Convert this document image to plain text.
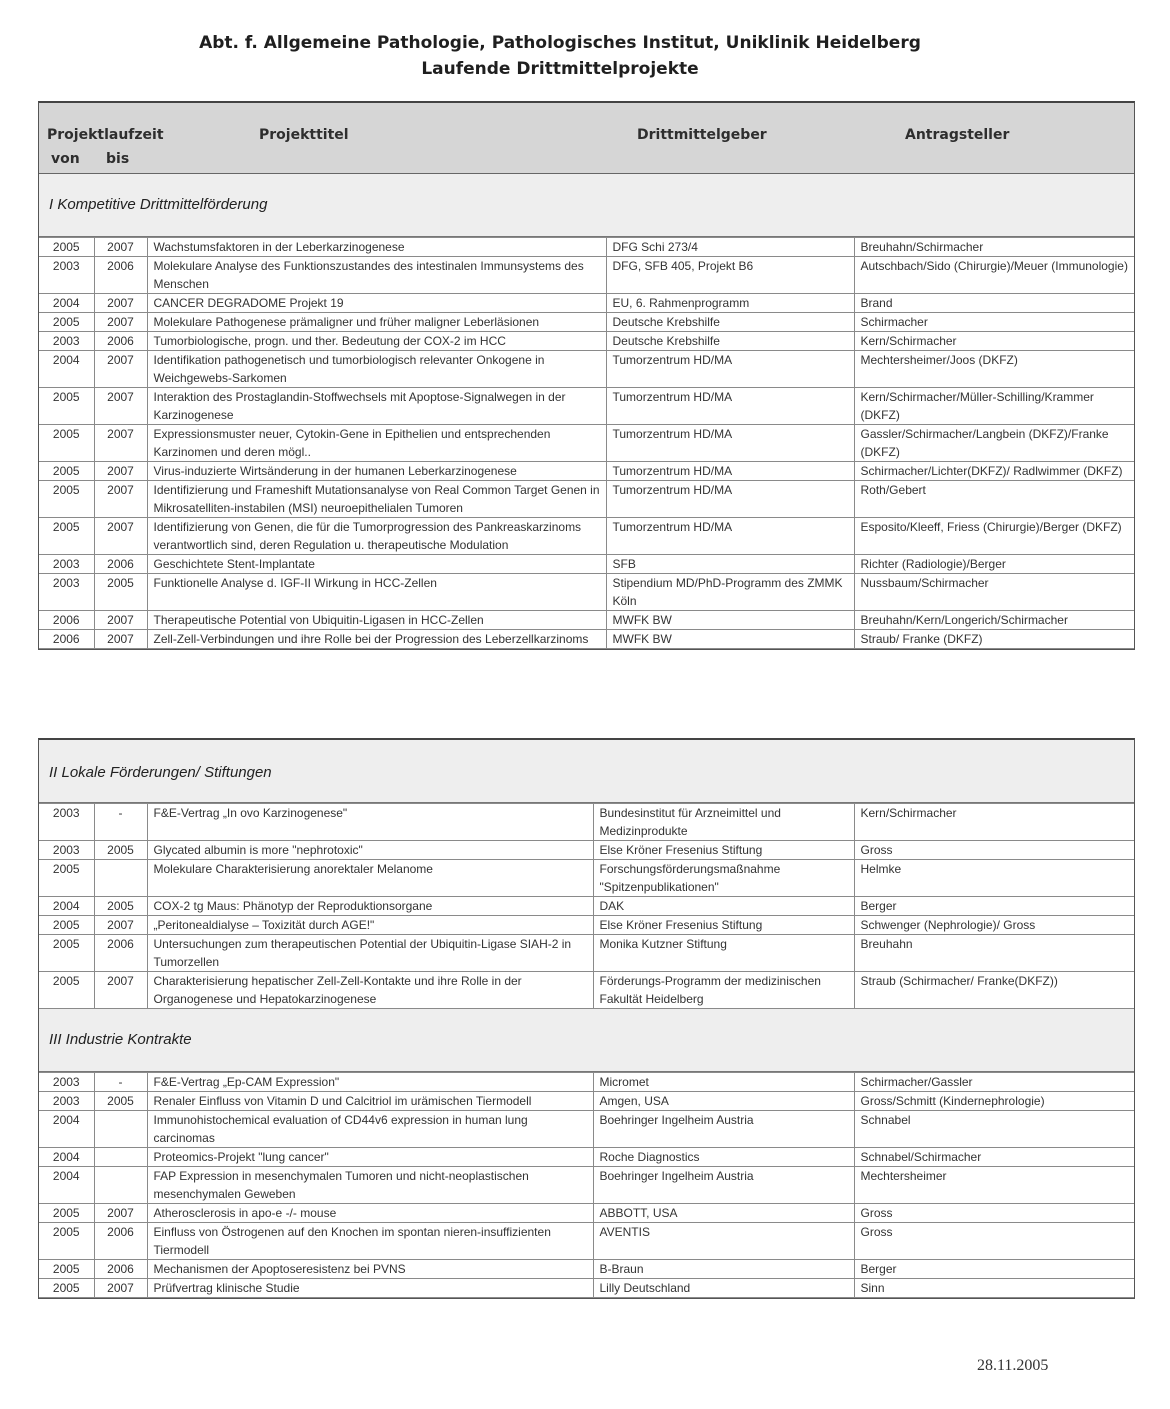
Abt. f. Allgemeine Pathologie, Pathologisches Institut, Uniklinik Heidelberg
Laufende Drittmittelprojekte
Projektlaufzeit
von bis
Projekttitel	Drittmittelgeber	Antragsteller
I Kompetitive Drittmittelförderung
2005	2007	Wachstumsfaktoren in der Leberkarzinogenese	DFG Schi 273/4	Breuhahn/Schirmacher
2003	2006	Molekulare Analyse des Funktionszustandes des intestinalen Immunsystems des Menschen	DFG, SFB 405, Projekt B6	Autschbach/Sido (Chirurgie)/Meuer (Immunologie)
2004	2007	CANCER DEGRADOME Projekt 19	EU, 6. Rahmenprogramm	Brand
2005	2007	Molekulare Pathogenese prämaligner und früher maligner Leberläsionen	Deutsche Krebshilfe	Schirmacher
2003	2006	Tumorbiologische, progn. und ther. Bedeutung der COX-2 im HCC	Deutsche Krebshilfe	Kern/Schirmacher
2004	2007	Identifikation pathogenetisch und tumorbiologisch relevanter Onkogene in Weichgewebs-Sarkomen	Tumorzentrum HD/MA	Mechtersheimer/Joos (DKFZ)
2005	2007	Interaktion des Prostaglandin-Stoffwechsels mit Apoptose-Signalwegen in der Karzinogenese	Tumorzentrum HD/MA	Kern/Schirmacher/Müller-Schilling/Krammer (DKFZ)
2005	2007	Expressionsmuster neuer, Cytokin-Gene in Epithelien und entsprechenden Karzinomen und deren mögl..	Tumorzentrum HD/MA	Gassler/Schirmacher/Langbein (DKFZ)/Franke (DKFZ)
2005	2007	Virus-induzierte Wirtsänderung in der humanen Leberkarzinogenese	Tumorzentrum HD/MA	Schirmacher/Lichter(DKFZ)/ Radlwimmer (DKFZ)
2005	2007	Identifizierung und Frameshift Mutationsanalyse von Real Common Target Genen in Mikrosatelliten-instabilen (MSI) neuroepithelialen Tumoren	Tumorzentrum HD/MA	Roth/Gebert
2005	2007	Identifizierung von Genen, die für die Tumorprogression des Pankreaskarzinoms verantwortlich sind, deren Regulation u. therapeutische Modulation	Tumorzentrum HD/MA	Esposito/Kleeff, Friess (Chirurgie)/Berger (DKFZ)
2003	2006	Geschichtete Stent-Implantate	SFB	Richter (Radiologie)/Berger
2003	2005	Funktionelle Analyse d. IGF-II Wirkung in HCC-Zellen	Stipendium MD/PhD-Programm des ZMMK Köln	Nussbaum/Schirmacher
2006	2007	Therapeutische Potential von Ubiquitin-Ligasen in HCC-Zellen	MWFK BW	Breuhahn/Kern/Longerich/Schirmacher
2006	2007	Zell-Zell-Verbindungen und ihre Rolle bei der Progression des Leberzellkarzinoms	MWFK BW	Straub/ Franke (DKFZ)
II Lokale Förderungen/ Stiftungen
2003	-	F&E-Vertrag „In ovo Karzinogenese"	Bundesinstitut für Arzneimittel und Medizinprodukte	Kern/Schirmacher
2003	2005	Glycated albumin is more "nephrotoxic"	Else Kröner Fresenius Stiftung	Gross
2005		Molekulare Charakterisierung anorektaler Melanome	Forschungsförderungsmaßnahme "Spitzenpublikationen"	Helmke
2004	2005	COX-2 tg Maus: Phänotyp der Reproduktionsorgane	DAK	Berger
2005	2007	„Peritonealdialyse – Toxizität durch AGE!"	Else Kröner Fresenius Stiftung	Schwenger (Nephrologie)/ Gross
2005	2006	Untersuchungen zum therapeutischen Potential der Ubiquitin-Ligase SIAH-2 in Tumorzellen	Monika Kutzner Stiftung	Breuhahn
2005	2007	Charakterisierung hepatischer Zell-Zell-Kontakte und ihre Rolle in der Organogenese und Hepatokarzinogenese	Förderungs-Programm der medizinischen Fakultät Heidelberg	Straub (Schirmacher/ Franke(DKFZ))
III Industrie Kontrakte
2003	-	F&E-Vertrag „Ep-CAM Expression"	Micromet	Schirmacher/Gassler
2003	2005	Renaler Einfluss von Vitamin D und Calcitriol im urämischen Tiermodell	Amgen, USA	Gross/Schmitt (Kindernephrologie)
2004		Immunohistochemical evaluation of CD44v6 expression in human lung carcinomas	Boehringer Ingelheim Austria	Schnabel
2004		Proteomics-Projekt "lung cancer"	Roche Diagnostics	Schnabel/Schirmacher
2004		FAP Expression in mesenchymalen Tumoren und nicht-neoplastischen mesenchymalen Geweben	Boehringer Ingelheim Austria	Mechtersheimer
2005	2007	Atherosclerosis in apo-e -/- mouse	ABBOTT, USA	Gross
2005	2006	Einfluss von Östrogenen auf den Knochen im spontan nieren-insuffizienten Tiermodell	AVENTIS	Gross
2005	2006	Mechanismen der Apoptoseresistenz bei PVNS	B-Braun	Berger
2005	2007	Prüfvertrag klinische Studie	Lilly Deutschland	Sinn
28.11.2005
